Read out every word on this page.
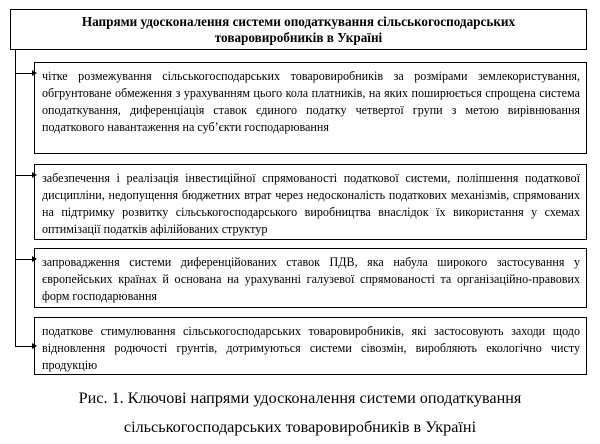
Напрями удосконалення системи оподаткування сільськогосподарських товаровиробників в Україні
чітке розмежування сільськогосподарських товаровиробників за розмірами землекористування, обгрунтоване обмеження з урахуванням цього кола платників, на яких поширюється спрощена система оподаткування, диференціація ставок єдиного податку четвертої групи з метою вирівнювання податкового навантаження на суб’єкти господарювання
забезпечення і реалізація інвестиційної спрямованості податкової системи, поліпшення податкової дисципліни, недопущення бюджетних втрат через недосконалість податкових механізмів, спрямованих на підтримку розвитку сільськогосподарського виробництва внаслідок їх використання у схемах оптимізації податків афілійованих структур
запровадження системи диференційованих ставок ПДВ, яка набула широкого застосування у європейських країнах й основана на урахуванні галузевої спрямованості та організаційно-правових форм господарювання
податкове стимулювання сільськогосподарських товаровиробників, які застосовують заходи щодо відновлення родючості грунтів, дотримуються системи сівозмін, виробляють екологічно чисту продукцію
Рис. 1. Ключові напрями удосконалення системи оподаткування
сільськогосподарських товаровиробників в Україні
